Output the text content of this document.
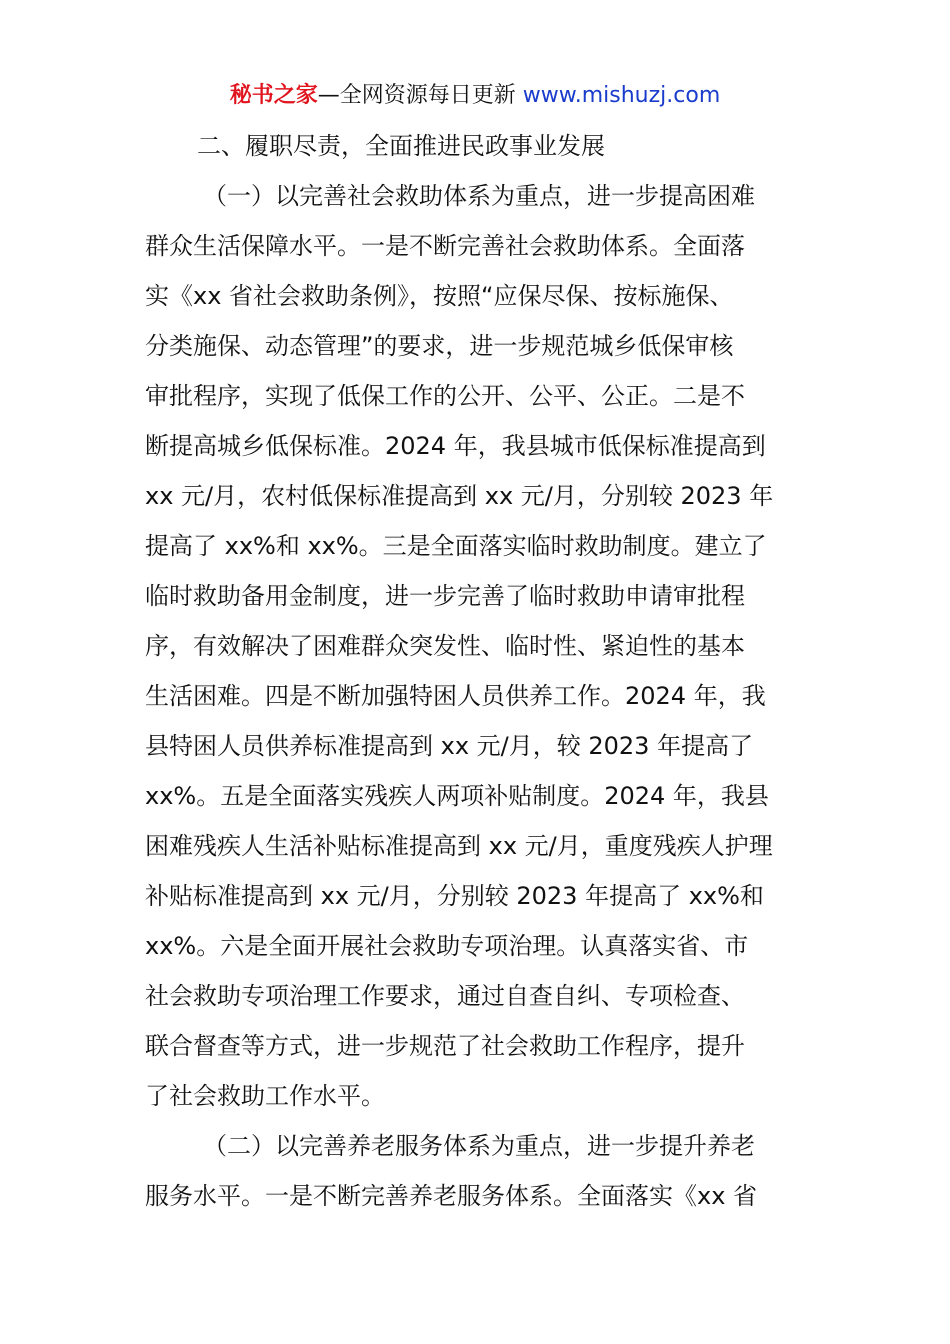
秘书之家—全网资源每日更新 www.mishuzj.com
二、履职尽责，全面推进民政事业发展
（一）以完善社会救助体系为重点，进一步提高困难
群众生活保障水平。一是不断完善社会救助体系。全面落
实《xx 省社会救助条例》，按照“应保尽保、按标施保、
分类施保、动态管理”的要求，进一步规范城乡低保审核
审批程序，实现了低保工作的公开、公平、公正。二是不
断提高城乡低保标准。2024 年，我县城市低保标准提高到
xx 元/月，农村低保标准提高到 xx 元/月，分别较 2023 年
提高了 xx%和 xx%。三是全面落实临时救助制度。建立了
临时救助备用金制度，进一步完善了临时救助申请审批程
序，有效解决了困难群众突发性、临时性、紧迫性的基本
生活困难。四是不断加强特困人员供养工作。2024 年，我
县特困人员供养标准提高到 xx 元/月，较 2023 年提高了
xx%。五是全面落实残疾人两项补贴制度。2024 年，我县
困难残疾人生活补贴标准提高到 xx 元/月，重度残疾人护理
补贴标准提高到 xx 元/月，分别较 2023 年提高了 xx%和
xx%。六是全面开展社会救助专项治理。认真落实省、市
社会救助专项治理工作要求，通过自查自纠、专项检查、
联合督查等方式，进一步规范了社会救助工作程序，提升
了社会救助工作水平。
（二）以完善养老服务体系为重点，进一步提升养老
服务水平。一是不断完善养老服务体系。全面落实《xx 省
